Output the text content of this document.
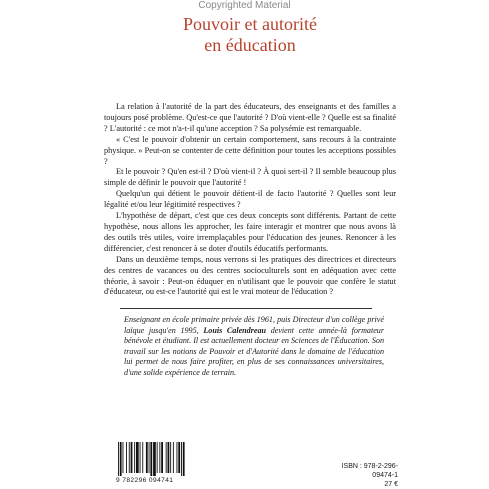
Copyrighted Material
Pouvoir et autorité
en éducation

La relation à l'autorité de la part des éducateurs, des enseignants et des familles a toujours posé problème. Qu'est-ce que l'autorité ? D'où vient-elle ? Quelle est sa finalité ? L'autorité : ce mot n'a-t-il qu'une acception ? Sa polysémie est remarquable.

« C'est le pouvoir d'obtenir un certain comportement, sans recours à la contrainte physique. » Peut-on se contenter de cette définition pour toutes les acceptions possibles ?

Et le pouvoir ? Qu'en est-il ? D'où vient-il ? À quoi sert-il ? Il semble beaucoup plus simple de définir le pouvoir que l'autorité !

Quelqu'un qui détient le pouvoir détient-il de facto l'autorité ? Quelles sont leur légalité et/ou leur légitimité respectives ?

L'hypothèse de départ, c'est que ces deux concepts sont différents. Partant de cette hypothèse, nous allons les approcher, les faire interagir et montrer que nous avons là des outils très utiles, voire irremplaçables pour l'éducation des jeunes. Renoncer à les différencier, c'est renoncer à se doter d'outils éducatifs performants.

Dans un deuxième temps, nous verrons si les pratiques des directrices et directeurs des centres de vacances ou des centres socioculturels sont en adéquation avec cette théorie, à savoir : Peut-on éduquer en n'utilisant que le pouvoir que confère le statut d'éducateur, ou est-ce l'autorité qui est le vrai moteur de l'éducation ?

Enseignant en école primaire privée dès 1961, puis Directeur d'un collège privé laïque jusqu'en 1995, Louis Calendreau devient cette année-là formateur bénévole et étudiant. Il est actuellement docteur en Sciences de l'Éducation. Son travail sur les notions de Pouvoir et d'Autorité dans le domaine de l'éducation lui permet de nous faire profiter, en plus de ses connaissances universitaires, d'une solide expérience de terrain.

9 782296 094741
ISBN : 978-2-296-09474-1
27 €
